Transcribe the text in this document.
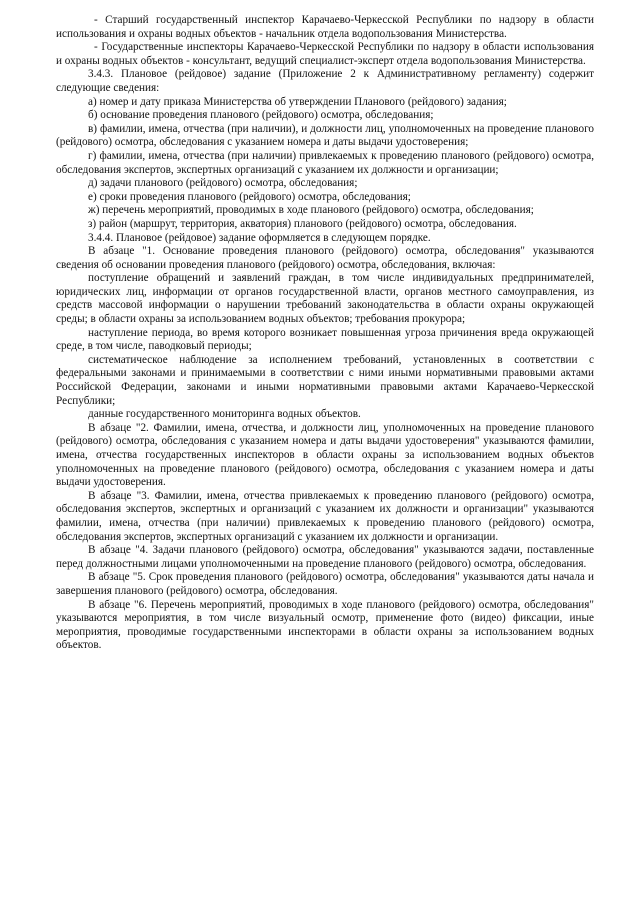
- Старший государственный инспектор Карачаево-Черкесской Республики по надзору в области использования и охраны водных объектов - начальник отдела водопользования Министерства.

- Государственные инспекторы Карачаево-Черкесской Республики по надзору в области использования и охраны водных объектов - консультант, ведущий специалист-эксперт отдела водопользования Министерства.

3.4.3. Плановое (рейдовое) задание (Приложение 2 к Административному регламенту) содержит следующие сведения:

а) номер и дату приказа Министерства об утверждении Планового (рейдового) задания;

б) основание проведения планового (рейдового) осмотра, обследования;

в) фамилии, имена, отчества (при наличии), и должности лиц, уполномоченных на проведение планового (рейдового) осмотра, обследования с указанием номера и даты выдачи удостоверения;

г) фамилии, имена, отчества (при наличии) привлекаемых к проведению планового (рейдового) осмотра, обследования экспертов, экспертных организаций с указанием их должности и организации;

д) задачи планового (рейдового) осмотра, обследования;

е) сроки проведения планового (рейдового) осмотра, обследования;

ж) перечень мероприятий, проводимых в ходе планового (рейдового) осмотра, обследования;

з) район (маршрут, территория, акватория) планового (рейдового) осмотра, обследования.

3.4.4. Плановое (рейдовое) задание оформляется в следующем порядке.

В абзаце "1. Основание проведения планового (рейдового) осмотра, обследования" указываются сведения об основании проведения планового (рейдового) осмотра, обследования, включая:

поступление обращений и заявлений граждан, в том числе индивидуальных предпринимателей, юридических лиц, информации от органов государственной власти, органов местного самоуправления, из средств массовой информации о нарушении требований законодательства в области охраны окружающей среды; в области охраны за использованием водных объектов; требования прокурора;

наступление периода, во время которого возникает повышенная угроза причинения вреда окружающей среде, в том числе, паводковый периоды;

систематическое наблюдение за исполнением требований, установленных в соответствии с федеральными законами и принимаемыми в соответствии с ними иными нормативными правовыми актами Российской Федерации, законами и иными нормативными правовыми актами Карачаево-Черкесской Республики;

данные государственного мониторинга водных объектов.

В абзаце "2. Фамилии, имена, отчества, и должности лиц, уполномоченных на проведение планового (рейдового) осмотра, обследования с указанием номера и даты выдачи удостоверения" указываются фамилии, имена, отчества государственных инспекторов в области охраны за использованием водных объектов уполномоченных на проведение планового (рейдового) осмотра, обследования с указанием номера и даты выдачи удостоверения.

В абзаце "3. Фамилии, имена, отчества привлекаемых к проведению планового (рейдового) осмотра, обследования экспертов, экспертных и организаций с указанием их должности и организации" указываются фамилии, имена, отчества (при наличии) привлекаемых к проведению планового (рейдового) осмотра, обследования экспертов, экспертных организаций с указанием их должности и организации.

В абзаце "4. Задачи планового (рейдового) осмотра, обследования" указываются задачи, поставленные перед должностными лицами уполномоченными на проведение планового (рейдового) осмотра, обследования.

В абзаце "5. Срок проведения планового (рейдового) осмотра, обследования" указываются даты начала и завершения планового (рейдового) осмотра, обследования.

В абзаце "6. Перечень мероприятий, проводимых в ходе планового (рейдового) осмотра, обследования" указываются мероприятия, в том числе визуальный осмотр, применение фото (видео) фиксации, иные мероприятия, проводимые государственными инспекторами в области охраны за использованием водных объектов.
